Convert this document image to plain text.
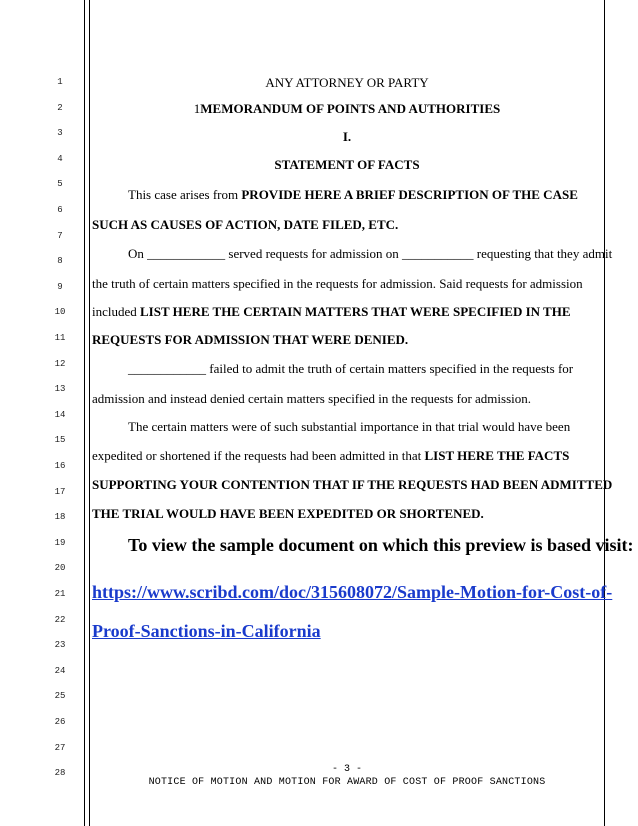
1
2
3
4
5
6
7
8
9
10
11
12
13
14
15
16
17
18
19
20
21
22
23
24
25
26
27
28
ANY ATTORNEY OR PARTY
1MEMORANDUM OF POINTS AND AUTHORITIES
I.
STATEMENT OF FACTS
This case arises from PROVIDE HERE A BRIEF DESCRIPTION OF THE CASE
SUCH AS CAUSES OF ACTION, DATE FILED, ETC.
On ____________ served requests for admission on ___________ requesting that they admit
the truth of certain matters specified in the requests for admission. Said requests for admission
included LIST HERE THE CERTAIN MATTERS THAT WERE SPECIFIED IN THE
REQUESTS FOR ADMISSION THAT WERE DENIED.
____________ failed to admit the truth of certain matters specified in the requests for
admission and instead denied certain matters specified in the requests for admission.
The certain matters were of such substantial importance in that trial would have been
expedited or shortened if the requests had been admitted in that LIST HERE THE FACTS
SUPPORTING YOUR CONTENTION THAT IF THE REQUESTS HAD BEEN ADMITTED
THE TRIAL WOULD HAVE BEEN EXPEDITED OR SHORTENED.
To view the sample document on which this preview is based visit:
https://www.scribd.com/doc/315608072/Sample-Motion-for-Cost-of-
Proof-Sanctions-in-California
- 3 -
NOTICE OF MOTION AND MOTION FOR AWARD OF COST OF PROOF SANCTIONS
